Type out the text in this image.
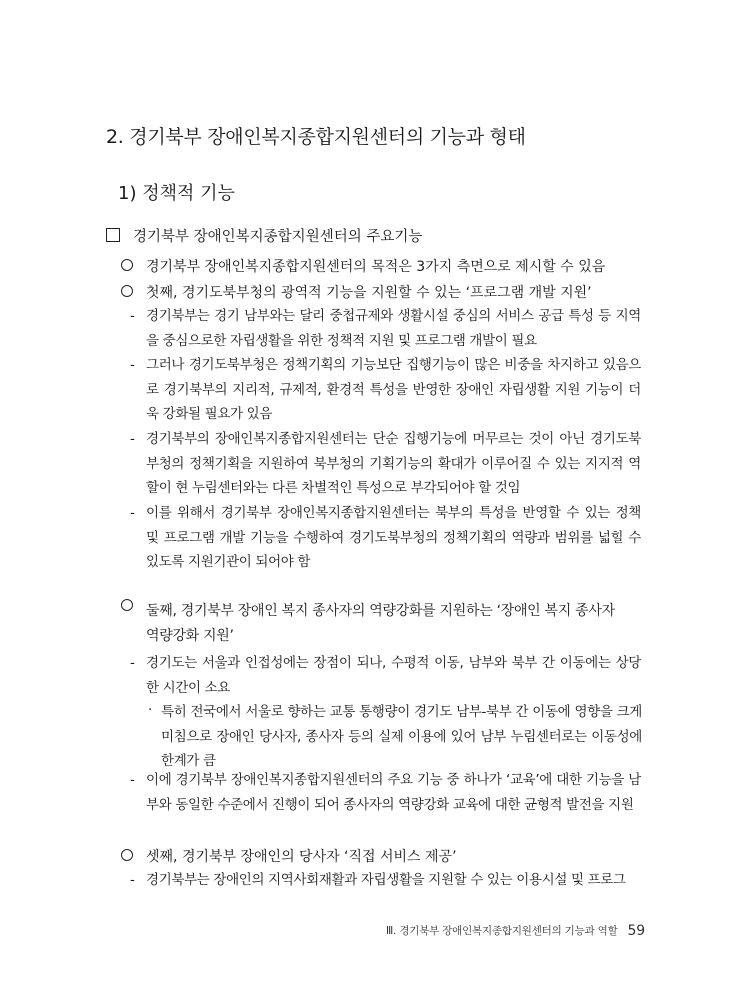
2. 경기북부 장애인복지종합지원센터의 기능과 형태
1) 정책적 기능
경기북부 장애인복지종합지원센터의 주요기능
경기북부 장애인복지종합지원센터의 목적은 3가지 측면으로 제시할 수 있음
첫째, 경기도북부청의 광역적 기능을 지원할 수 있는 ‘프로그램 개발 지원’
- 경기북부는 경기 남부와는 달리 중첩규제와 생활시설 중심의 서비스 공급 특성 등 지역을 중심으로한 자립생활을 위한 정책적 지원 및 프로그램 개발이 필요
- 그러나 경기도북부청은 정책기획의 기능보단 집행기능이 많은 비중을 차지하고 있음으로 경기북부의 지리적, 규제적, 환경적 특성을 반영한 장애인 자립생활 지원 기능이 더욱 강화될 필요가 있음
- 경기북부의 장애인복지종합지원센터는 단순 집행기능에 머무르는 것이 아닌 경기도북부청의 정책기획을 지원하여 북부청의 기획기능의 확대가 이루어질 수 있는 지지적 역할이 현 누림센터와는 다른 차별적인 특성으로 부각되어야 할 것임
- 이를 위해서 경기북부 장애인복지종합지원센터는 북부의 특성을 반영할 수 있는 정책 및 프로그램 개발 기능을 수행하여 경기도북부청의 정책기획의 역량과 범위를 넓힐 수 있도록 지원기관이 되어야 함
둘째, 경기북부 장애인 복지 종사자의 역량강화를 지원하는 ‘장애인 복지 종사자
역량강화 지원’
- 경기도는 서울과 인접성에는 장점이 되나, 수평적 이동, 남부와 북부 간 이동에는 상당한 시간이 소요
· 특히 전국에서 서울로 향하는 교통 통행량이 경기도 남부-북부 간 이동에 영향을 크게 미침으로 장애인 당사자, 종사자 등의 실제 이용에 있어 남부 누림센터로는 이동성에 한계가 큼
- 이에 경기북부 장애인복지종합지원센터의 주요 기능 중 하나가 ‘교육’에 대한 기능을 남부와 동일한 수준에서 진행이 되어 종사자의 역량강화 교육에 대한 균형적 발전을 지원
셋째, 경기북부 장애인의 당사자 ‘직접 서비스 제공’
- 경기북부는 장애인의 지역사회재활과 자립생활을 지원할 수 있는 이용시설 및 프로그
Ⅲ. 경기북부 장애인복지종합지원센터의 기능과 역할 59
